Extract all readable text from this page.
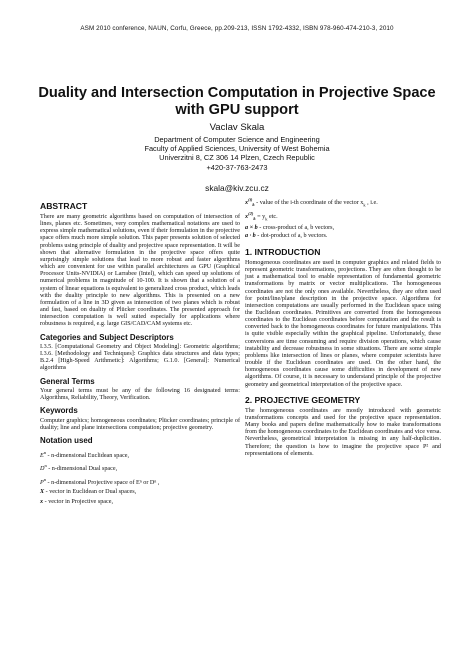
ASM 2010 conference, NAUN, Corfu, Greece, pp.209-213, ISSN 1792-4332, ISBN 978-960-474-210-3, 2010
Duality and Intersection Computation in Projective Space
with GPU support
Vaclav Skala
Department of Computer Science and Engineering
Faculty of Applied Sciences, University of West Bohemia
Univerzitni 8, CZ 306 14 Plzen, Czech Republic
+420-37-763-2473
skala@kiv.zcu.cz
ABSTRACT

There are many geometric algorithms based on computation of intersection of lines, planes etc. Sometimes, very complex mathematical notations are used to express simple mathematical solutions, even if their formulation in the projective space offers much more simple solution. This paper presents solution of selected problems using principle of duality and projective space representation. It will be shown that alternative formulation in the projective space offers quite surprisingly simple solutions that lead to more robust and faster algorithms which are convenient for use within parallel architectures as GPU (Graphical Processor Units-NVIDIA) or Larrabee (Intel), which can speed up solutions of numerical problems in magnitude of 10-100. It is shown that a solution of a system of linear equations is equivalent to generalized cross product, which leads with the duality principle to new algorithms. This is presented on a new formulation of a line in 3D given as intersection of two planes which is robust and fast, based on duality of Plücker coordinates. The presented approach for intersection computation is well suited especially for applications where robustness is required, e.g. large GIS/CAD/CAM systems etc.

Categories and Subject Descriptors

I.3.5. [Computational Geometry and Object Modeling]: Geometric algorithms; I.3.6. [Methodology and Techniques]: Graphics data structures and data types; B.2.4 [High-Speed Arithmetic]: Algorithms; G.1.0. [General]: Numerical algorithms

General Terms

Your general terms must be any of the following 16 designated terms: Algorithms, Reliability, Theory, Verification.

Keywords

Computer graphics; homogeneous coordinates; Plücker coordinates; principle of duality; line and plane intersections computation; projective geometry.

Notation used

$E^n$ - n-dimensional Euclidean space,

$D^n$ - n-dimensional Dual space,

$P^n$ - n-dimensional Projective space of Eⁿ or Dⁿ ,

X - vector in Euclidean or Dual spaces,

x - vector in Projective space,

$x^{(i)}_k$ - value of the i-th coordinate of the vector $x_k$ , i.e.

$x^{(2)}_k = y_k$ etc.

a × b - cross-product of a, b vectors,

a · b - dot-product of a, b vectors.

1. INTRODUCTION

Homogeneous coordinates are used in computer graphics and related fields to represent geometric transformations, projections. They are often thought to be just a mathematical tool to enable representation of fundamental geometric transformations by matrix or vector multiplications. The homogeneous coordinates are not the only ones available. Nevertheless, they are often used for point/line/plane description in the projective space. Algorithms for intersection computations are usually performed in the Euclidean space using the Euclidean coordinates. Primitives are converted from the homogeneous coordinates to the Euclidean coordinates before computation and the result is converted back to the homogeneous coordinates for future manipulations. This is quite visible especially within the graphical pipeline. Unfortunately, these conversions are time consuming and require division operations, which cause instability and decrease robustness in some situations. There are some simple problems like intersection of lines or planes, where computer scientists have trouble if the Euclidean coordinates are used. On the other hand, the homogeneous coordinates cause some difficulties in development of new algorithms. Of course, it is necessary to understand principle of the projective geometry and geometrical interpretation of the projective space.

2. PROJECTIVE GEOMETRY

The homogeneous coordinates are mostly introduced with geometric transformations concepts and used for the projective space representation. Many books and papers define mathematically how to make transformations from the homogeneous coordinates to the Euclidean coordinates and vice versa. Nevertheless, geometrical interpretation is missing in any half-duplicities. Therefore; the question is how to imagine the projective space P² and representations of elements.
